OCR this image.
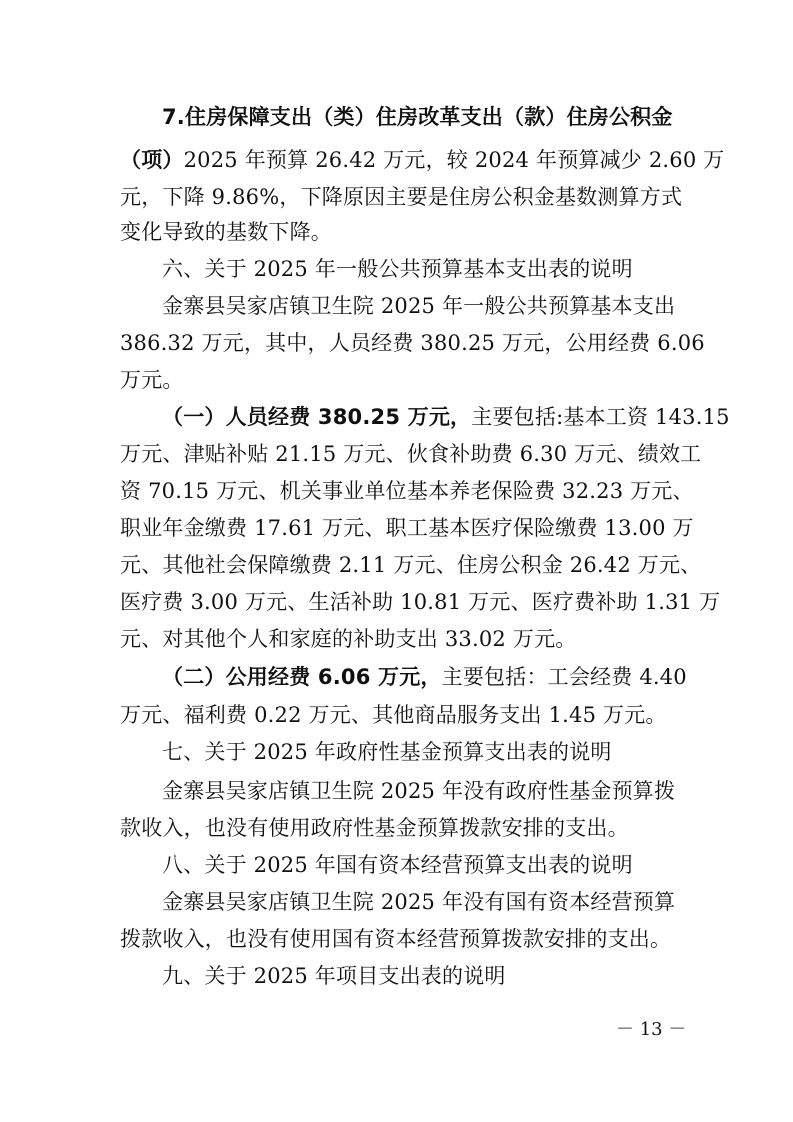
7.住房保障支出（类）住房改革支出（款）住房公积金
（项）2025 年预算 26.42 万元，较 2024 年预算减少 2.60 万
元，下降 9.86%，下降原因主要是住房公积金基数测算方式
变化导致的基数下降。
六、关于 2025 年一般公共预算基本支出表的说明
金寨县吴家店镇卫生院 2025 年一般公共预算基本支出
386.32 万元，其中，人员经费 380.25 万元，公用经费 6.06
万元。
（一）人员经费 380.25 万元，主要包括:基本工资 143.15
万元、津贴补贴 21.15 万元、伙食补助费 6.30 万元、绩效工
资 70.15 万元、机关事业单位基本养老保险费 32.23 万元、
职业年金缴费 17.61 万元、职工基本医疗保险缴费 13.00 万
元、其他社会保障缴费 2.11 万元、住房公积金 26.42 万元、
医疗费 3.00 万元、生活补助 10.81 万元、医疗费补助 1.31 万
元、对其他个人和家庭的补助支出 33.02 万元。
（二）公用经费 6.06 万元，主要包括：工会经费 4.40
万元、福利费 0.22 万元、其他商品服务支出 1.45 万元。
七、关于 2025 年政府性基金预算支出表的说明
金寨县吴家店镇卫生院 2025 年没有政府性基金预算拨
款收入，也没有使用政府性基金预算拨款安排的支出。
八、关于 2025 年国有资本经营预算支出表的说明
金寨县吴家店镇卫生院 2025 年没有国有资本经营预算
拨款收入，也没有使用国有资本经营预算拨款安排的支出。
九、关于 2025 年项目支出表的说明
－ 13 －
